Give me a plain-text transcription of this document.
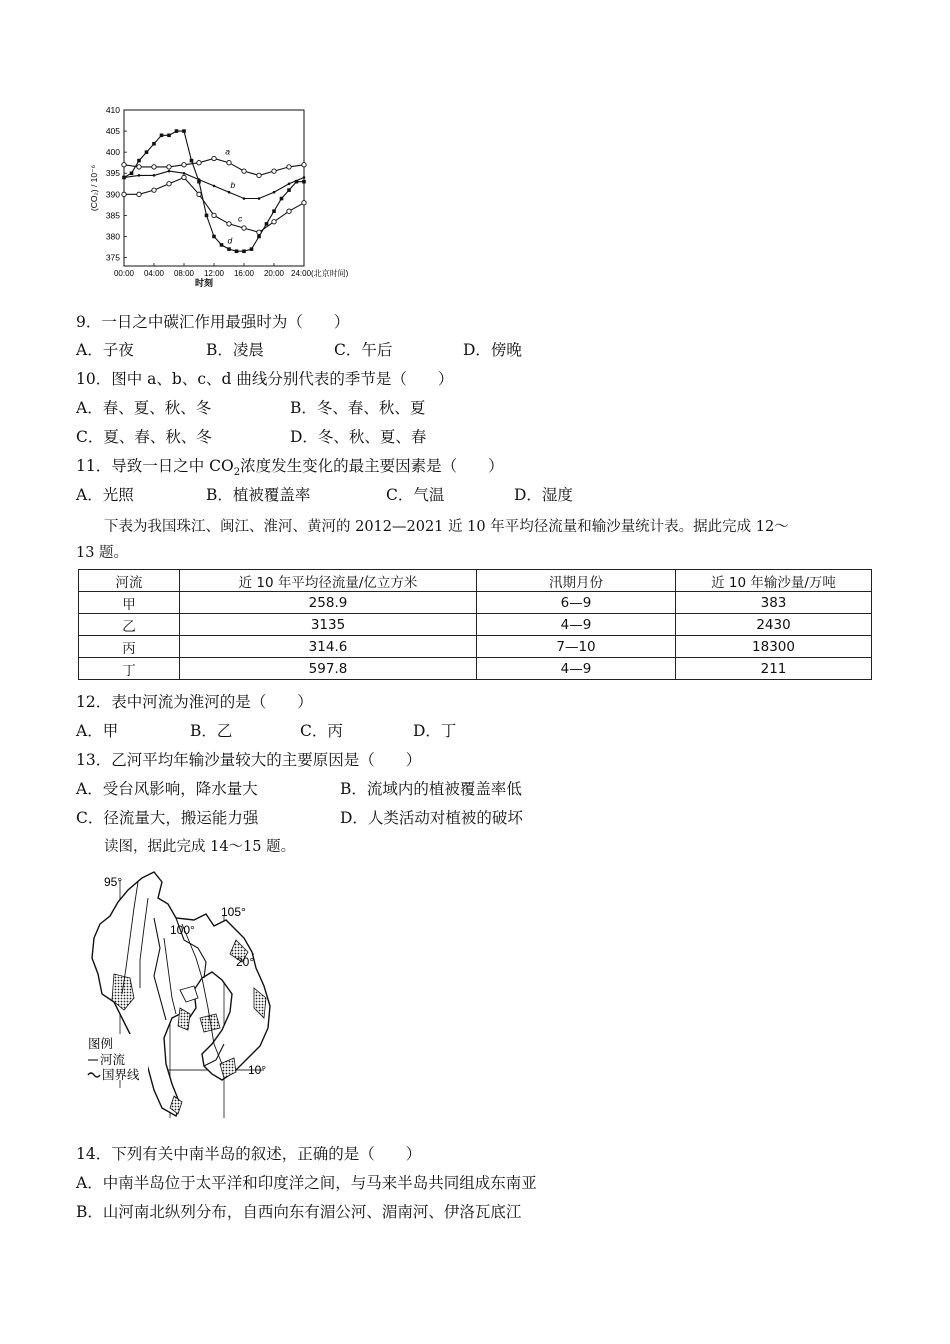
410
405
400
395
390
385
380
375
00:00 04:00 08:00 12:00 16:00 20:00 24:00(北京时间)
时刻
(CO₂) / 10⁻⁶
a
b
c
d
9．一日之中碳汇作用最强时为（　　）
A．子夜	B．凌晨	C．午后	D．傍晚
10．图中 a、b、c、d 曲线分别代表的季节是（　　）
A．春、夏、秋、冬	B．冬、春、秋、夏
C．夏、春、秋、冬	D．冬、秋、夏、春
11．导致一日之中 $CO_2$浓度发生变化的最主要因素是（　　）
A．光照	B．植被覆盖率	C．气温	D．湿度

下表为我国珠江、闽江、淮河、黄河的 2012—2021 近 10 年平均径流量和输沙量统计表。据此完成 12～

13 题。

河流	近 10 年平均径流量/亿立方米	汛期月份	近 10 年输沙量/万吨
甲	258.9	6—9	383
乙	3135	4—9	2430
丙	314.6	7—10	18300
丁	597.8	4—9	211
12．表中河流为淮河的是（　　）
A．甲	B．乙	C．丙	D．丁
13．乙河平均年输沙量较大的主要原因是（　　）
A．受台风影响，降水量大	B．流域内的植被覆盖率低
C．径流量大，搬运能力强	D．人类活动对植被的破坏
读图，据此完成 14～15 题。
95°
100°
105°
20°
10°
图例
河流
国界线
14．下列有关中南半岛的叙述，正确的是（　　）
A．中南半岛位于太平洋和印度洋之间，与马来半岛共同组成东南亚
B．山河南北纵列分布，自西向东有湄公河、湄南河、伊洛瓦底江
